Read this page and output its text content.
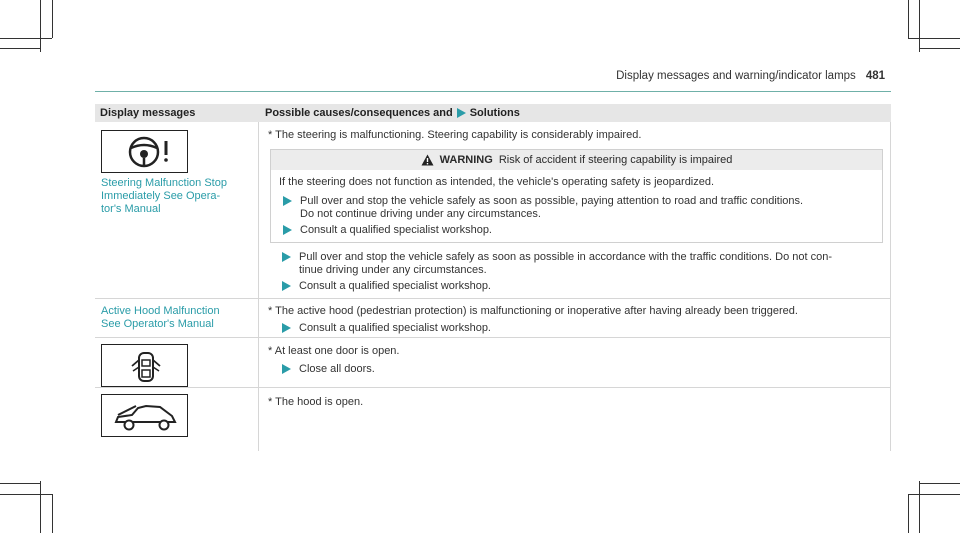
Display messages and warning/indicator lamps 481
Display messages	Possible causes/consequences and Solutions
Steering Malfunction Stop
Immediately See Opera-
tor's Manual
* The steering is malfunctioning. Steering capability is considerably impaired.
WARNING Risk of accident if steering capability is impaired
If the steering does not function as intended, the vehicle's operating safety is jeopardized.
Pull over and stop the vehicle safely as soon as possible, paying attention to road and traffic conditions.
Do not continue driving under any circumstances.
Consult a qualified specialist workshop.
Pull over and stop the vehicle safely as soon as possible in accordance with the traffic conditions. Do not con-
tinue driving under any circumstances.
Consult a qualified specialist workshop.
Active Hood Malfunction
See Operator's Manual
* The active hood (pedestrian protection) is malfunctioning or inoperative after having already been triggered.
Consult a qualified specialist workshop.
* At least one door is open.
Close all doors.
* The hood is open.
